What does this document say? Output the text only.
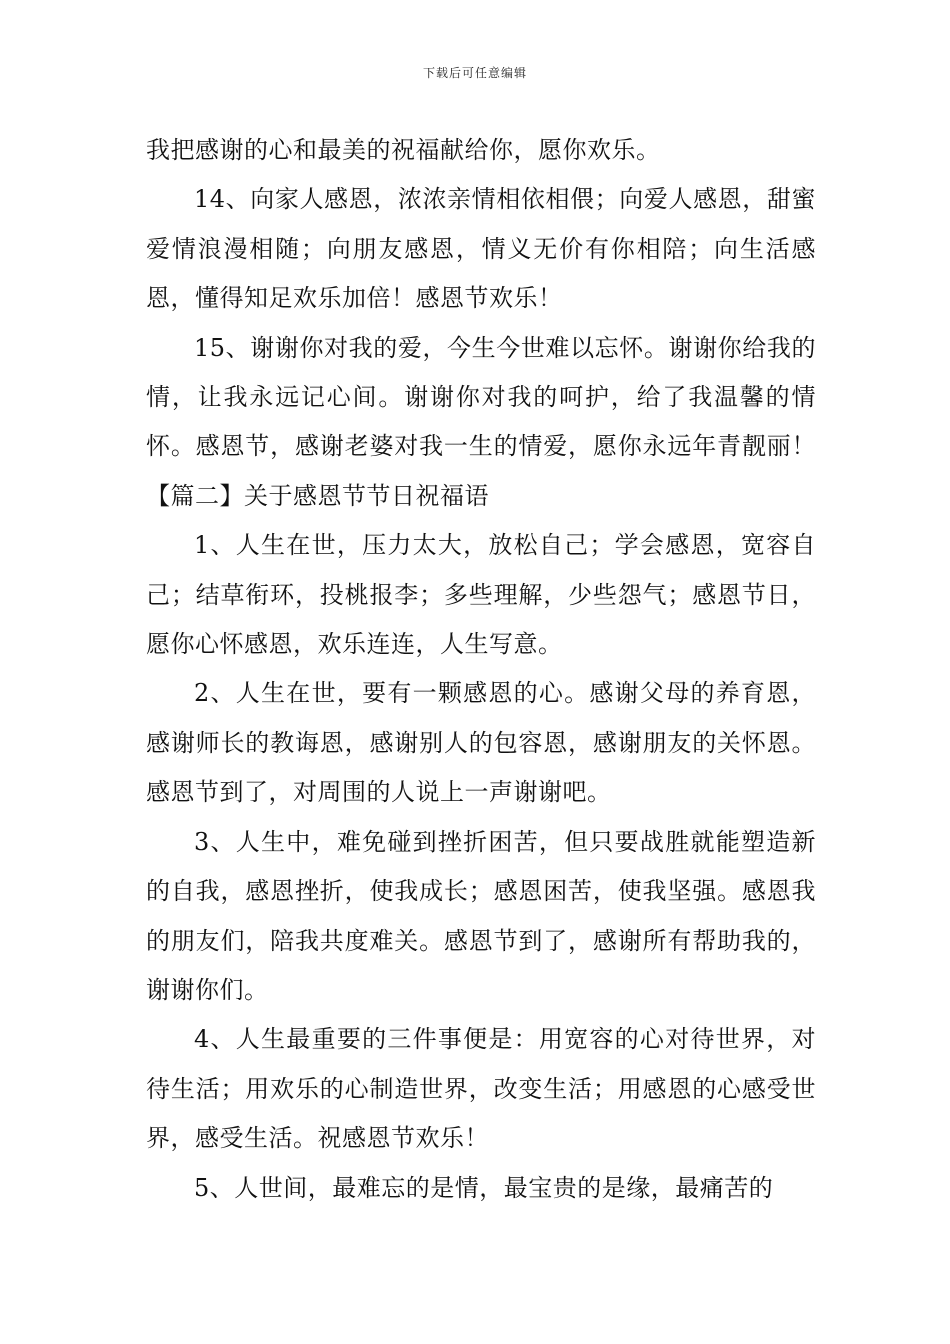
下载后可任意编辑

我把感谢的心和最美的祝福献给你，愿你欢乐。

14、向家人感恩，浓浓亲情相依相偎；向爱人感恩，甜蜜爱情浪漫相随；向朋友感恩，情义无价有你相陪；向生活感恩，懂得知足欢乐加倍！感恩节欢乐！

15、谢谢你对我的爱，今生今世难以忘怀。谢谢你给我的情，让我永远记心间。谢谢你对我的呵护，给了我温馨的情怀。感恩节，感谢老婆对我一生的情爱，愿你永远年青靓丽！【篇二】关于感恩节节日祝福语

1、人生在世，压力太大，放松自己；学会感恩，宽容自己；结草衔环，投桃报李；多些理解，少些怨气；感恩节日，愿你心怀感恩，欢乐连连，人生写意。

2、人生在世，要有一颗感恩的心。感谢父母的养育恩，感谢师长的教诲恩，感谢别人的包容恩，感谢朋友的关怀恩。感恩节到了，对周围的人说上一声谢谢吧。

3、人生中，难免碰到挫折困苦，但只要战胜就能塑造新的自我，感恩挫折，使我成长；感恩困苦，使我坚强。感恩我的朋友们，陪我共度难关。感恩节到了，感谢所有帮助我的，谢谢你们。

4、人生最重要的三件事便是：用宽容的心对待世界，对待生活；用欢乐的心制造世界，改变生活；用感恩的心感受世界，感受生活。祝感恩节欢乐！

5、人世间，最难忘的是情，最宝贵的是缘，最痛苦的
